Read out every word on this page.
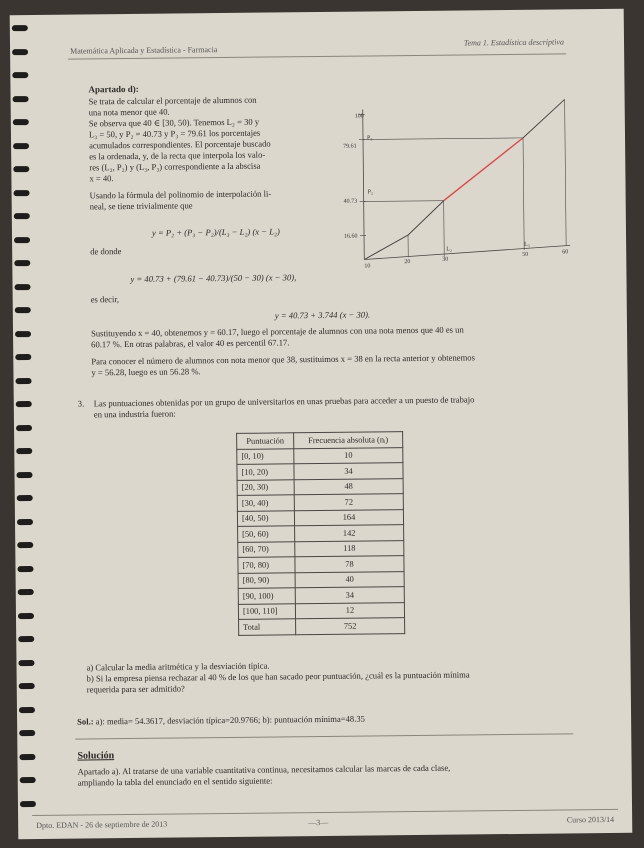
Matemática Aplicada y Estadística - Farmacia
Tema 1. Estadística descriptiva
Apartado d):
Se trata de calcular el porcentaje de alumnos con
una nota menor que 40.
Se observa que 40 ∈ [30, 50). Tenemos L₂ = 30 y
L₃ = 50, y P₂ = 40.73 y P₃ = 79.61 los porcentajes
acumulados correspondientes. El porcentaje buscado
es la ordenada, y, de la recta que interpola los valo-
res (L₂, P₂) y (L₃, P₃) correspondiente a la abscisa
x = 40.
Usando la fórmula del polinomio de interpolación li-
neal, se tiene trivialmente que
y = P₂ + (P₃ − P₂)/(L₃ − L₂) (x − L₂)
de donde
y = 40.73 + (79.61 − 40.73)/(50 − 30) (x − 30),
es decir,
y = 40.73 + 3.744 (x − 30).
Sustituyendo x = 40, obtenemos y = 60.17, luego el porcentaje de alumnos con una nota menos que 40 es un
60.17 %. En otras palabras, el valor 40 es percentil 67.17.
Para conocer el número de alumnos con nota menor que 38, sustituimos x = 38 en la recta anterior y obtenemos
y = 56.28, luego es un 56.28 %.
100
79.61
40.73
16.60
10
20	30
50	60
P₃
P₂
L₂
L₃
3. Las puntuaciones obtenidas por un grupo de universitarios en unas pruebas para acceder a un puesto de trabajo
en una industria fueron:
Puntuación	Frecuencia absoluta (nᵢ)
[0, 10)	10
[10, 20)	34
[20, 30)	48
[30, 40)	72
[40, 50)	164
[50, 60)	142
[60, 70)	118
[70, 80)	78
[80, 90)	40
[90, 100)	34
[100, 110]	12
Total	752
a) Calcular la media aritmética y la desviación típica.
b) Si la empresa piensa rechazar al 40 % de los que han sacado peor puntuación, ¿cuál es la puntuación mínima
requerida para ser admitido?
Sol.: a): media= 54.3617, desviación típica=20.9766; b): puntuación mínima=48.35
Solución
Apartado a). Al tratarse de una variable cuantitativa continua, necesitamos calcular las marcas de cada clase,
ampliando la tabla del enunciado en el sentido siguiente:
Dpto. EDAN - 26 de septiembre de 2013	—3—	Curso 2013/14
